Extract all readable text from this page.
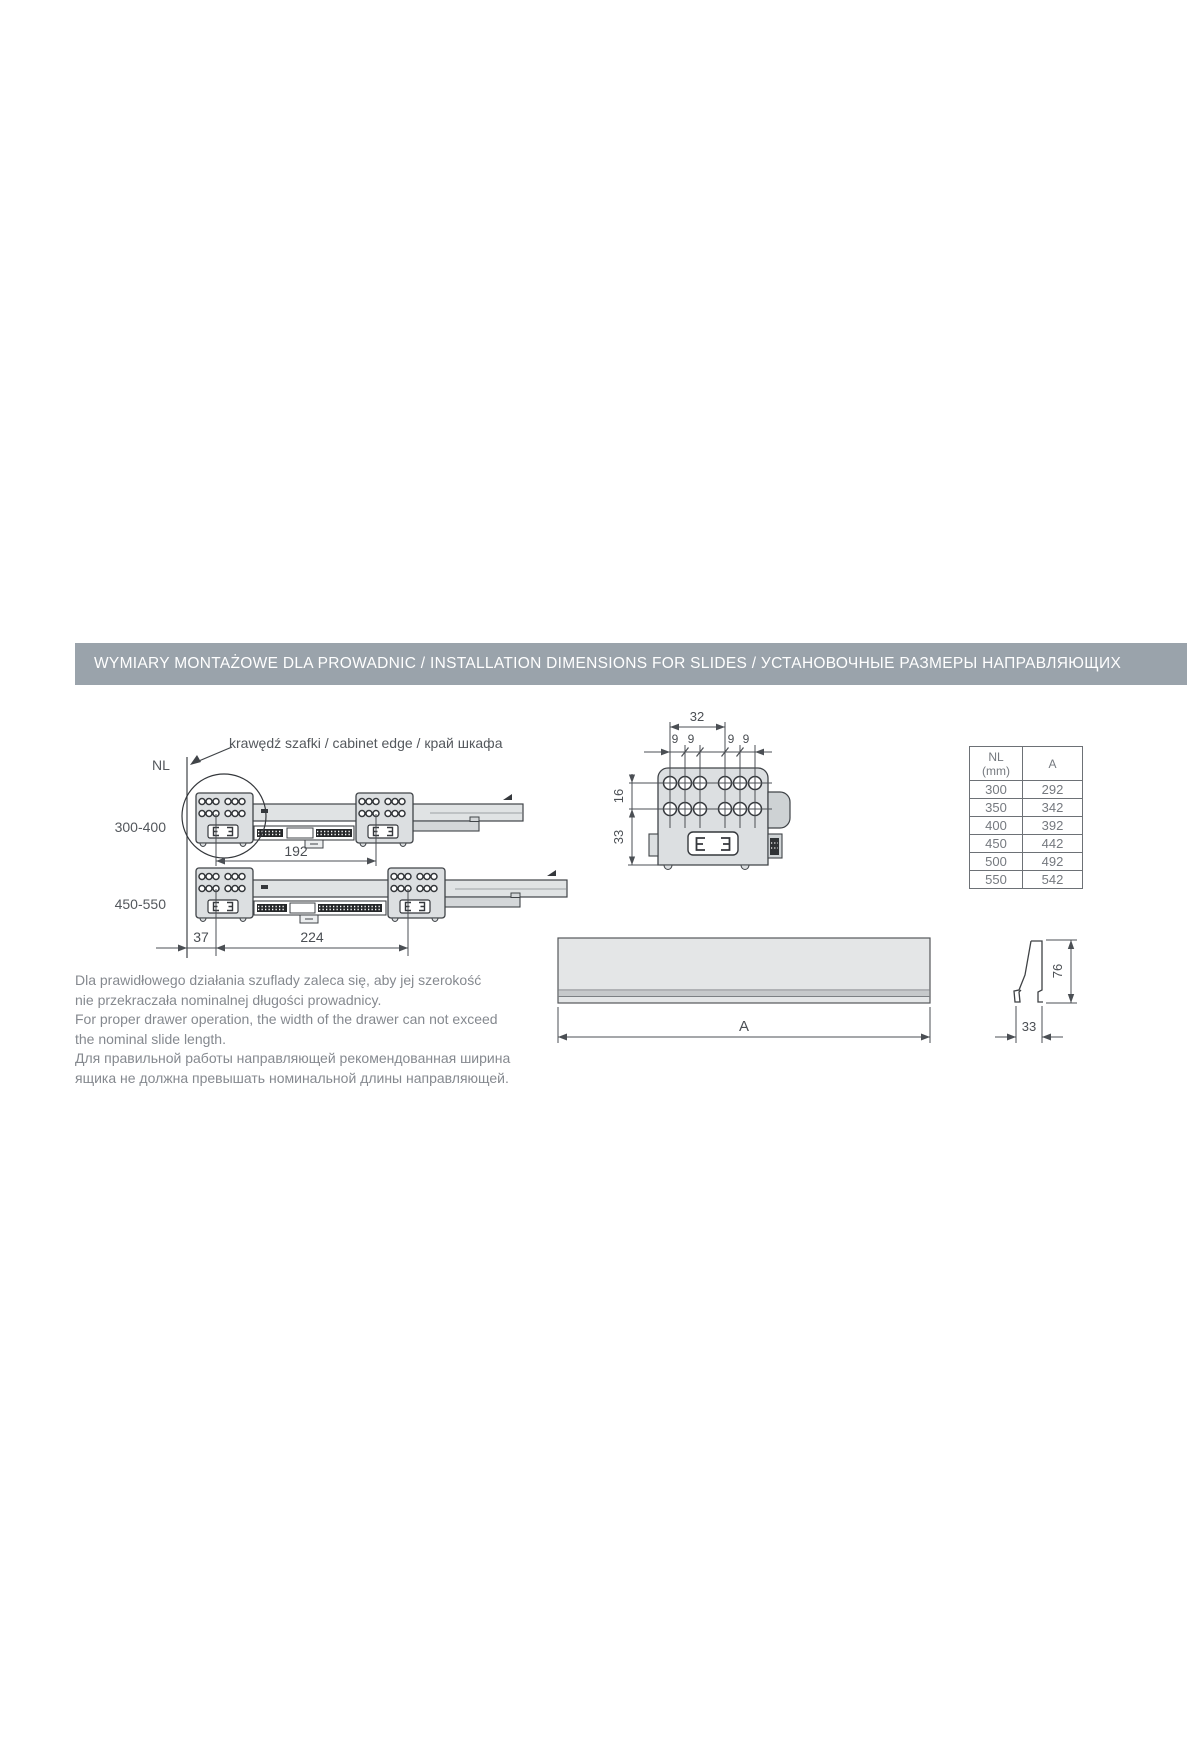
WYMIARY MONTAŻOWE DLA PROWADNIC / INSTALLATION DIMENSIONS FOR SLIDES / УСТАНОВОЧНЫЕ РАЗМЕРЫ НАПРАВЛЯЮЩИХ
krawędź szafki / cabinet edge / край шкафа
NL
300-400
192
450-550
37	224
32
9 9	9 9
16
33
A
76
33
NL
(mm)	A
300	292
350	342
400	392
450	442
500	492
550	542
Dla prawidłowego działania szuflady zaleca się, aby jej szerokość
nie przekraczała nominalnej długości prowadnicy.
For proper drawer operation, the width of the drawer can not exceed
the nominal slide length.
Для правильной работы направляющей рекомендованная ширина
ящика не должна превышать номинальной длины направляющей.
